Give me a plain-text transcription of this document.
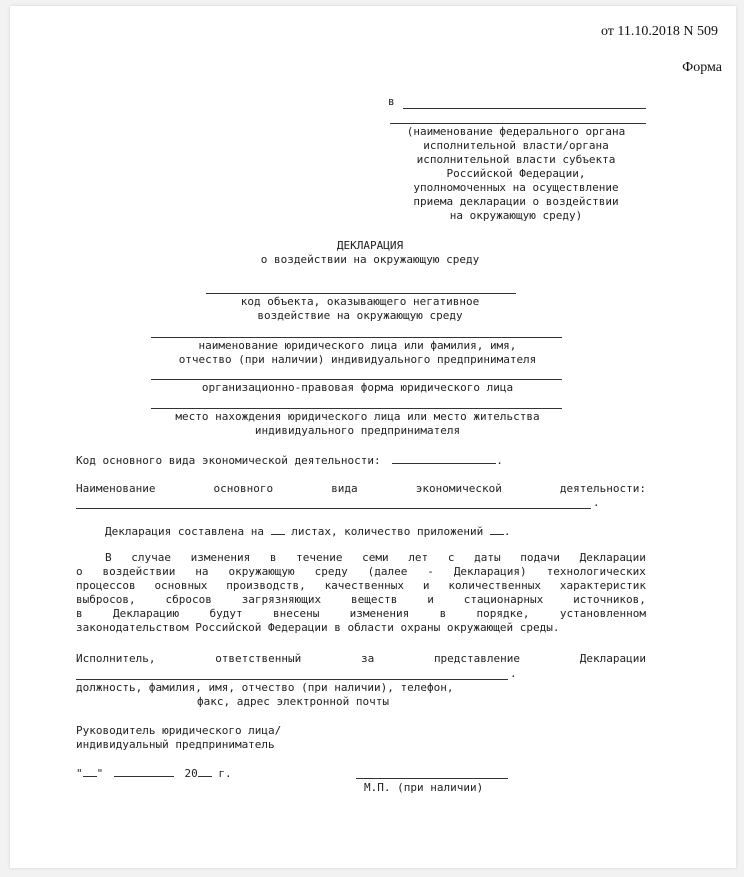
от 11.10.2018 N 509
Форма
в
(наименование федерального органа
исполнительной власти/органа
исполнительной власти субъекта
Российской Федерации,
уполномоченных на осуществление
приема декларации о воздействии
на окружающую среду)
ДЕКЛАРАЦИЯ
о воздействии на окружающую среду
код объекта, оказывающего негативное
воздействие на окружающую среду
наименование юридического лица или фамилия, имя,
отчество (при наличии) индивидуального предпринимателя
организационно-правовая форма юридического лица
место нахождения юридического лица или место жительства
индивидуального предпринимателя
Код основного вида экономической деятельности:	.
Наименование	основного	вида	экономической	деятельности:
.
Декларация составлена на листах, количество приложений .
В случае изменения в течение семи лет с даты подачи Декларации
о воздействии на окружающую среду (далее - Декларация) технологических
процессов основных производств, качественных и количественных характеристик
выбросов,	сбросов	загрязняющих	веществ	и	стационарных	источников,
в	Декларацию	будут	внесены	изменения	в	порядке,	установленном
законодательством Российской Федерации в области охраны окружающей среды.
Исполнитель,	ответственный	за	представление	Декларации
.
должность, фамилия, имя, отчество (при наличии), телефон,
факс, адрес электронной почты
Руководитель юридического лица/
индивидуальный предприниматель
" "	20 г.
М.П. (при наличии)
